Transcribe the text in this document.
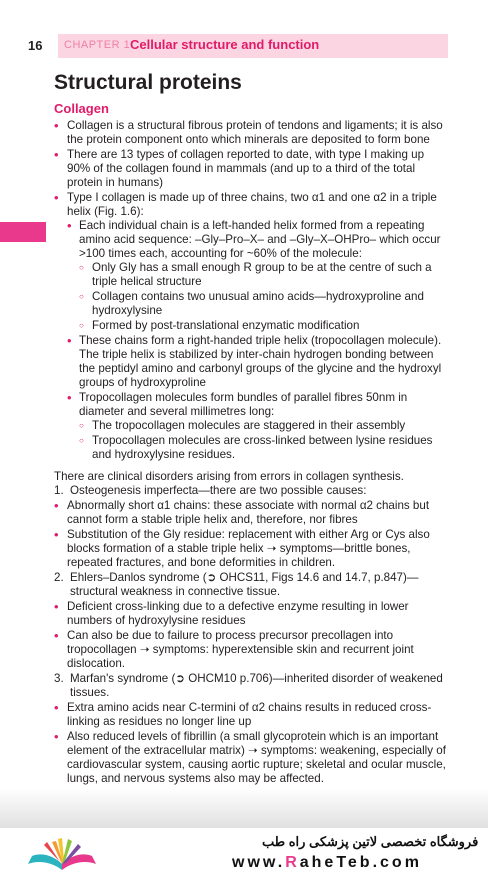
16 CHAPTER 1 Cellular structure and function
Structural proteins
Collagen
• Collagen is a structural fibrous protein of tendons and ligaments; it is also the protein component onto which minerals are deposited to form bone
• There are 13 types of collagen reported to date, with type I making up 90% of the collagen found in mammals (and up to a third of the total protein in humans)
• Type I collagen is made up of three chains, two α1 and one α2 in a triple helix (Fig. 1.6):
• Each individual chain is a left-handed helix formed from a repeating amino acid sequence: –Gly–Pro–X– and –Gly–X–OHPro– which occur >100 times each, accounting for ~60% of the molecule:
○ Only Gly has a small enough R group to be at the centre of such a triple helical structure
○ Collagen contains two unusual amino acids—hydroxyproline and hydroxylysine
○ Formed by post-translational enzymatic modification
• These chains form a right-handed triple helix (tropocollagen molecule). The triple helix is stabilized by inter-chain hydrogen bonding between the peptidyl amino and carbonyl groups of the glycine and the hydroxyl groups of hydroxyproline
• Tropocollagen molecules form bundles of parallel fibres 50nm in diameter and several millimetres long:
○ The tropocollagen molecules are staggered in their assembly
○ Tropocollagen molecules are cross-linked between lysine residues and hydroxylysine residues.

There are clinical disorders arising from errors in collagen synthesis.

1. Osteogenesis imperfecta—there are two possible causes:
• Abnormally short α1 chains: these associate with normal α2 chains but cannot form a stable triple helix and, therefore, nor fibres
• Substitution of the Gly residue: replacement with either Arg or Cys also blocks formation of a stable triple helix ➝ symptoms—brittle bones, repeated fractures, and bone deformities in children.
2. Ehlers–Danlos syndrome (➲ OHCS11, Figs 14.6 and 14.7, p.847)—structural weakness in connective tissue.
• Deficient cross-linking due to a defective enzyme resulting in lower numbers of hydroxylysine residues
• Can also be due to failure to process precursor precollagen into tropocollagen ➝ symptoms: hyperextensible skin and recurrent joint dislocation.
3. Marfan's syndrome (➲ OHCM10 p.706)—inherited disorder of weakened tissues.
• Extra amino acids near C-termini of α2 chains results in reduced cross-linking as residues no longer line up
• Also reduced levels of fibrillin (a small glycoprotein which is an important element of the extracellular matrix) ➝ symptoms: weakening, especially of cardiovascular system, causing aortic rupture; skeletal and ocular muscle, lungs, and nervous systems also may be affected.
فروشگاه تخصصی لاتین پزشکی راه طب
www.RaheTeb.com
